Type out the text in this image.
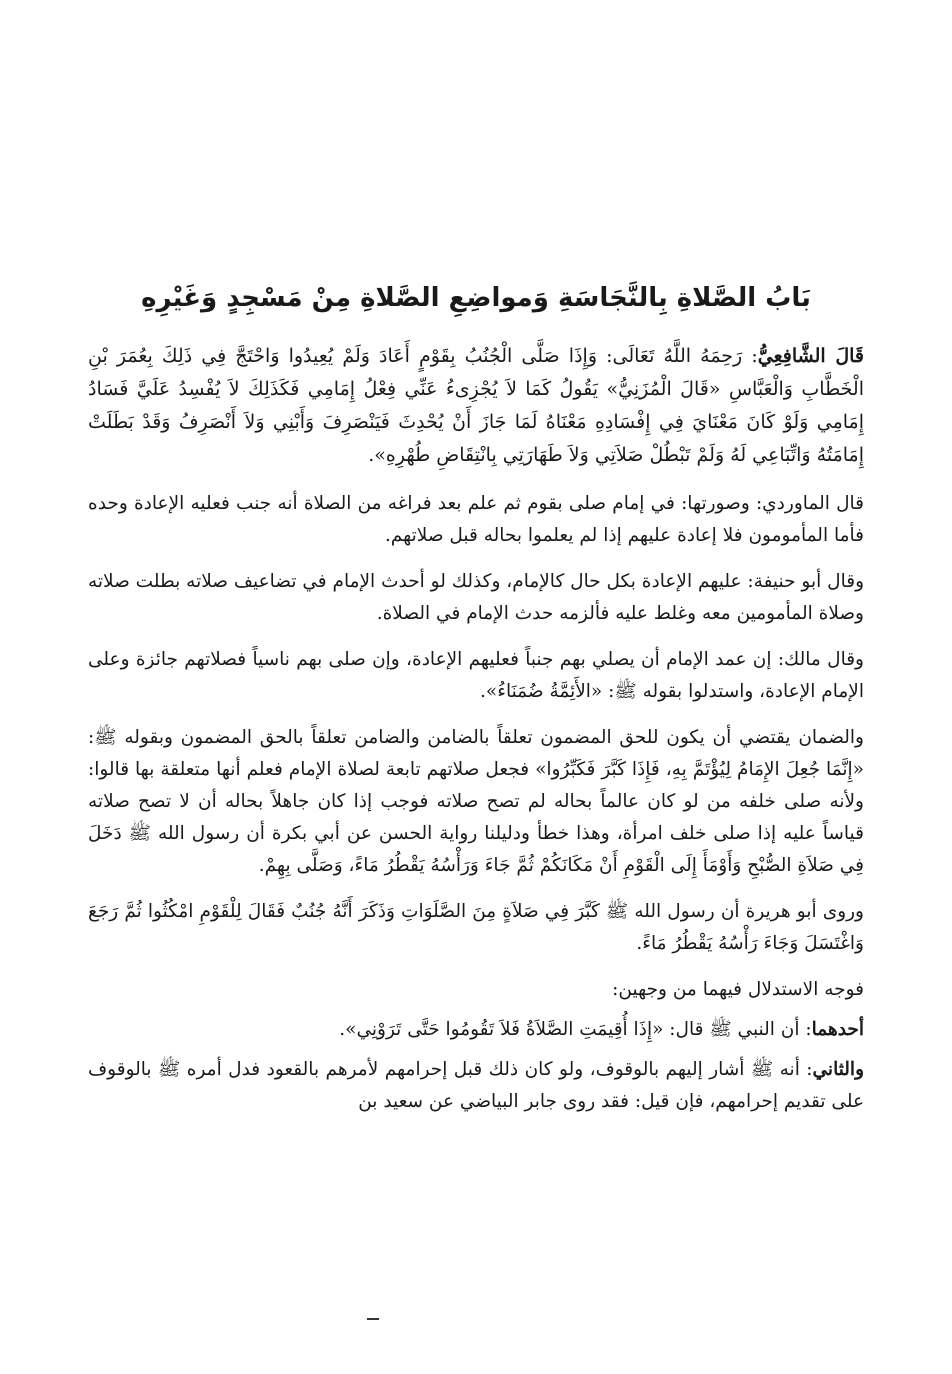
بَابُ الصَّلاةِ بِالنَّجَاسَةِ وَمواضِعِ الصَّلاةِ مِنْ مَسْجِدٍ وَغَيْرِهِ

قَالَ الشَّافِعِيُّ: رَحِمَهُ اللَّهُ تَعَالَى: وَإِذَا صَلَّى الْجُنُبُ بِقَوْمٍ أَعَادَ وَلَمْ يُعِيدُوا وَاحْتَجَّ فِي ذَلِكَ بِعُمَرَ بْنِ الْخَطَّابِ وَالْعَبَّاسِ «قَالَ الْمُزَنِيُّ» يَقُولُ كَمَا لاَ يُجْزِىءُ عَنِّي فِعْلُ إِمَامِي فَكَذَلِكَ لاَ يُفْسِدُ عَلَيَّ فَسَادُ إِمَامِي وَلَوْ كَانَ مَعْنَايَ فِي إِفْسَادِهِ مَعْنَاهُ لَمَا جَازَ أَنْ يُحْدِثَ فَيَنْصَرِفَ وَأَبْنِي وَلاَ أَنْصَرِفُ وَقَدْ بَطَلَتْ إِمَامَتُهُ وَاتِّبَاعِي لَهُ وَلَمْ تَبْطُلْ صَلاَتِي وَلاَ طَهَارَتِي بِانْتِقَاضِ طُهْرِهِ».

قال الماوردي: وصورتها: في إمام صلى بقوم ثم علم بعد فراغه من الصلاة أنه جنب فعليه الإعادة وحده فأما المأمومون فلا إعادة عليهم إذا لم يعلموا بحاله قبل صلاتهم.

وقال أبو حنيفة: عليهم الإعادة بكل حال كالإمام، وكذلك لو أحدث الإمام في تضاعيف صلاته بطلت صلاته وصلاة المأمومين معه وغلط عليه فألزمه حدث الإمام في الصلاة.

وقال مالك: إن عمد الإمام أن يصلي بهم جنباً فعليهم الإعادة، وإن صلى بهم ناسياً فصلاتهم جائزة وعلى الإمام الإعادة، واستدلوا بقوله ﷺ: «الأَئِمَّةُ ضُمَنَاءُ».

والضمان يقتضي أن يكون للحق المضمون تعلقاً بالضامن والضامن تعلقاً بالحق المضمون وبقوله ﷺ: «إِنَّمَا جُعِلَ الإِمَامُ لِيُؤْتَمَّ بِهِ، فَإِذَا كَبَّرَ فَكَبِّرُوا» فجعل صلاتهم تابعة لصلاة الإمام فعلم أنها متعلقة بها قالوا: ولأنه صلى خلفه من لو كان عالماً بحاله لم تصح صلاته فوجب إذا كان جاهلاً بحاله أن لا تصح صلاته قياساً عليه إذا صلى خلف امرأة، وهذا خطأ ودليلنا رواية الحسن عن أبي بكرة أن رسول الله ﷺ دَخَلَ فِي صَلاَةِ الصُّبْحِ وَأَوْمَأَ إِلَى الْقَوْمِ أَنْ مَكَانَكُمْ ثُمَّ جَاءَ وَرَأْسُهُ يَقْطُرُ مَاءً، وَصَلَّى بِهِمْ.

وروى أبو هريرة أن رسول الله ﷺ كَبَّرَ فِي صَلاَةٍ مِنَ الصَّلَوَاتِ وَذَكَرَ أَنَّهُ جُنُبٌ فَقَالَ لِلْقَوْمِ امْكُثُوا ثُمَّ رَجَعَ وَاغْتَسَلَ وَجَاءَ رَأْسُهُ يَقْطُرُ مَاءً.

فوجه الاستدلال فيهما من وجهين:

أحدهما: أن النبي ﷺ قال: «إِذَا أُقِيمَتِ الصَّلاَةُ فَلاَ تَقُومُوا حَتَّى تَرَوْنِي».

والثاني: أنه ﷺ أشار إليهم بالوقوف، ولو كان ذلك قبل إحرامهم لأمرهم بالقعود فدل أمره ﷺ بالوقوف على تقديم إحرامهم، فإن قيل: فقد روى جابر البياضي عن سعيد بن
